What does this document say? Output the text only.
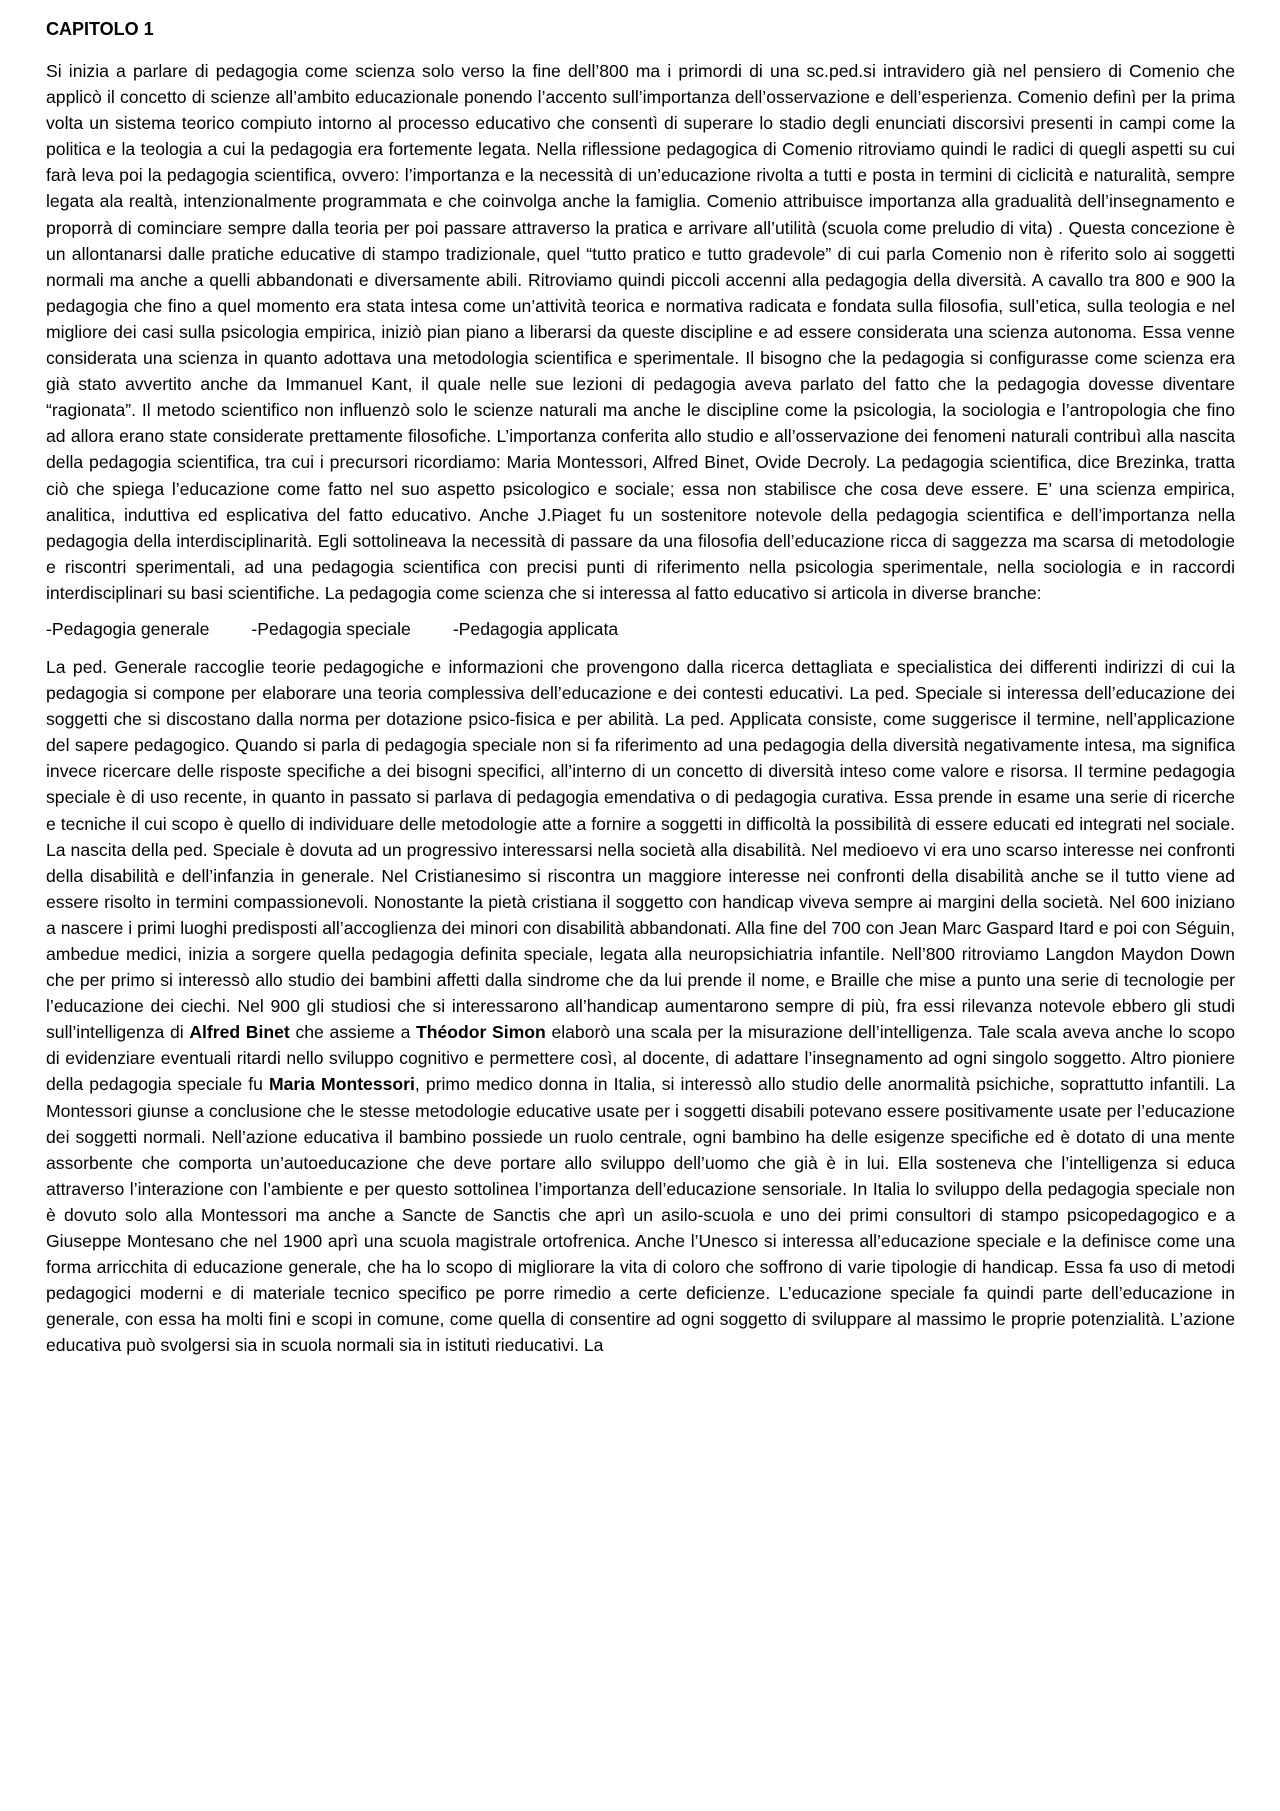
CAPITOLO 1

Si inizia a parlare di pedagogia come scienza solo verso la fine dell’800 ma i primordi di una sc.ped.si intravidero già nel pensiero di Comenio che applicò il concetto di scienze all’ambito educazionale ponendo l’accento sull’importanza dell’osservazione e dell’esperienza. Comenio definì per la prima volta un sistema teorico compiuto intorno al processo educativo che consentì di superare lo stadio degli enunciati discorsivi presenti in campi come la politica e la teologia a cui la pedagogia era fortemente legata. Nella riflessione pedagogica di Comenio ritroviamo quindi le radici di quegli aspetti su cui farà leva poi la pedagogia scientifica, ovvero: l’importanza e la necessità di un’educazione rivolta a tutti e posta in termini di ciclicità e naturalità, sempre legata ala realtà, intenzionalmente programmata e che coinvolga anche la famiglia. Comenio attribuisce importanza alla gradualità dell’insegnamento e proporrà di cominciare sempre dalla teoria per poi passare attraverso la pratica e arrivare all’utilità (scuola come preludio di vita) . Questa concezione è un allontanarsi dalle pratiche educative di stampo tradizionale, quel “tutto pratico e tutto gradevole” di cui parla Comenio non è riferito solo ai soggetti normali ma anche a quelli abbandonati e diversamente abili. Ritroviamo quindi piccoli accenni alla pedagogia della diversità. A cavallo tra 800 e 900 la pedagogia che fino a quel momento era stata intesa come un’attività teorica e normativa radicata e fondata sulla filosofia, sull’etica, sulla teologia e nel migliore dei casi sulla psicologia empirica, iniziò pian piano a liberarsi da queste discipline e ad essere considerata una scienza autonoma. Essa venne considerata una scienza in quanto adottava una metodologia scientifica e sperimentale. Il bisogno che la pedagogia si configurasse come scienza era già stato avvertito anche da Immanuel Kant, il quale nelle sue lezioni di pedagogia aveva parlato del fatto che la pedagogia dovesse diventare “ragionata”. Il metodo scientifico non influenzò solo le scienze naturali ma anche le discipline come la psicologia, la sociologia e l’antropologia che fino ad allora erano state considerate prettamente filosofiche. L’importanza conferita allo studio e all’osservazione dei fenomeni naturali contribuì alla nascita della pedagogia scientifica, tra cui i precursori ricordiamo: Maria Montessori, Alfred Binet, Ovide Decroly. La pedagogia scientifica, dice Brezinka, tratta ciò che spiega l’educazione come fatto nel suo aspetto psicologico e sociale; essa non stabilisce che cosa deve essere. E’ una scienza empirica, analitica, induttiva ed esplicativa del fatto educativo. Anche J.Piaget fu un sostenitore notevole della pedagogia scientifica e dell’importanza nella pedagogia della interdisciplinarità. Egli sottolineava la necessità di passare da una filosofia dell’educazione ricca di saggezza ma scarsa di metodologie e riscontri sperimentali, ad una pedagogia scientifica con precisi punti di riferimento nella psicologia sperimentale, nella sociologia e in raccordi interdisciplinari su basi scientifiche. La pedagogia come scienza che si interessa al fatto educativo si articola in diverse branche:

-Pedagogia generale -Pedagogia speciale -Pedagogia applicata

La ped. Generale raccoglie teorie pedagogiche e informazioni che provengono dalla ricerca dettagliata e specialistica dei differenti indirizzi di cui la pedagogia si compone per elaborare una teoria complessiva dell’educazione e dei contesti educativi. La ped. Speciale si interessa dell’educazione dei soggetti che si discostano dalla norma per dotazione psico-fisica e per abilità. La ped. Applicata consiste, come suggerisce il termine, nell’applicazione del sapere pedagogico. Quando si parla di pedagogia speciale non si fa riferimento ad una pedagogia della diversità negativamente intesa, ma significa invece ricercare delle risposte specifiche a dei bisogni specifici, all’interno di un concetto di diversità inteso come valore e risorsa. Il termine pedagogia speciale è di uso recente, in quanto in passato si parlava di pedagogia emendativa o di pedagogia curativa. Essa prende in esame una serie di ricerche e tecniche il cui scopo è quello di individuare delle metodologie atte a fornire a soggetti in difficoltà la possibilità di essere educati ed integrati nel sociale. La nascita della ped. Speciale è dovuta ad un progressivo interessarsi nella società alla disabilità. Nel medioevo vi era uno scarso interesse nei confronti della disabilità e dell’infanzia in generale. Nel Cristianesimo si riscontra un maggiore interesse nei confronti della disabilità anche se il tutto viene ad essere risolto in termini compassionevoli. Nonostante la pietà cristiana il soggetto con handicap viveva sempre ai margini della società. Nel 600 iniziano a nascere i primi luoghi predisposti all’accoglienza dei minori con disabilità abbandonati. Alla fine del 700 con Jean Marc Gaspard Itard e poi con Séguin, ambedue medici, inizia a sorgere quella pedagogia definita speciale, legata alla neuropsichiatria infantile. Nell’800 ritroviamo Langdon Maydon Down che per primo si interessò allo studio dei bambini affetti dalla sindrome che da lui prende il nome, e Braille che mise a punto una serie di tecnologie per l’educazione dei ciechi. Nel 900 gli studiosi che si interessarono all’handicap aumentarono sempre di più, fra essi rilevanza notevole ebbero gli studi sull’intelligenza di Alfred Binet che assieme a Théodor Simon elaborò una scala per la misurazione dell’intelligenza. Tale scala aveva anche lo scopo di evidenziare eventuali ritardi nello sviluppo cognitivo e permettere così, al docente, di adattare l’insegnamento ad ogni singolo soggetto. Altro pioniere della pedagogia speciale fu Maria Montessori, primo medico donna in Italia, si interessò allo studio delle anormalità psichiche, soprattutto infantili. La Montessori giunse a conclusione che le stesse metodologie educative usate per i soggetti disabili potevano essere positivamente usate per l’educazione dei soggetti normali. Nell’azione educativa il bambino possiede un ruolo centrale, ogni bambino ha delle esigenze specifiche ed è dotato di una mente assorbente che comporta un’autoeducazione che deve portare allo sviluppo dell’uomo che già è in lui. Ella sosteneva che l’intelligenza si educa attraverso l’interazione con l’ambiente e per questo sottolinea l’importanza dell’educazione sensoriale. In Italia lo sviluppo della pedagogia speciale non è dovuto solo alla Montessori ma anche a Sancte de Sanctis che aprì un asilo-scuola e uno dei primi consultori di stampo psicopedagogico e a Giuseppe Montesano che nel 1900 aprì una scuola magistrale ortofrenica. Anche l’Unesco si interessa all’educazione speciale e la definisce come una forma arricchita di educazione generale, che ha lo scopo di migliorare la vita di coloro che soffrono di varie tipologie di handicap. Essa fa uso di metodi pedagogici moderni e di materiale tecnico specifico pe porre rimedio a certe deficienze. L’educazione speciale fa quindi parte dell’educazione in generale, con essa ha molti fini e scopi in comune, come quella di consentire ad ogni soggetto di sviluppare al massimo le proprie potenzialità. L’azione educativa può svolgersi sia in scuola normali sia in istituti rieducativi. La
